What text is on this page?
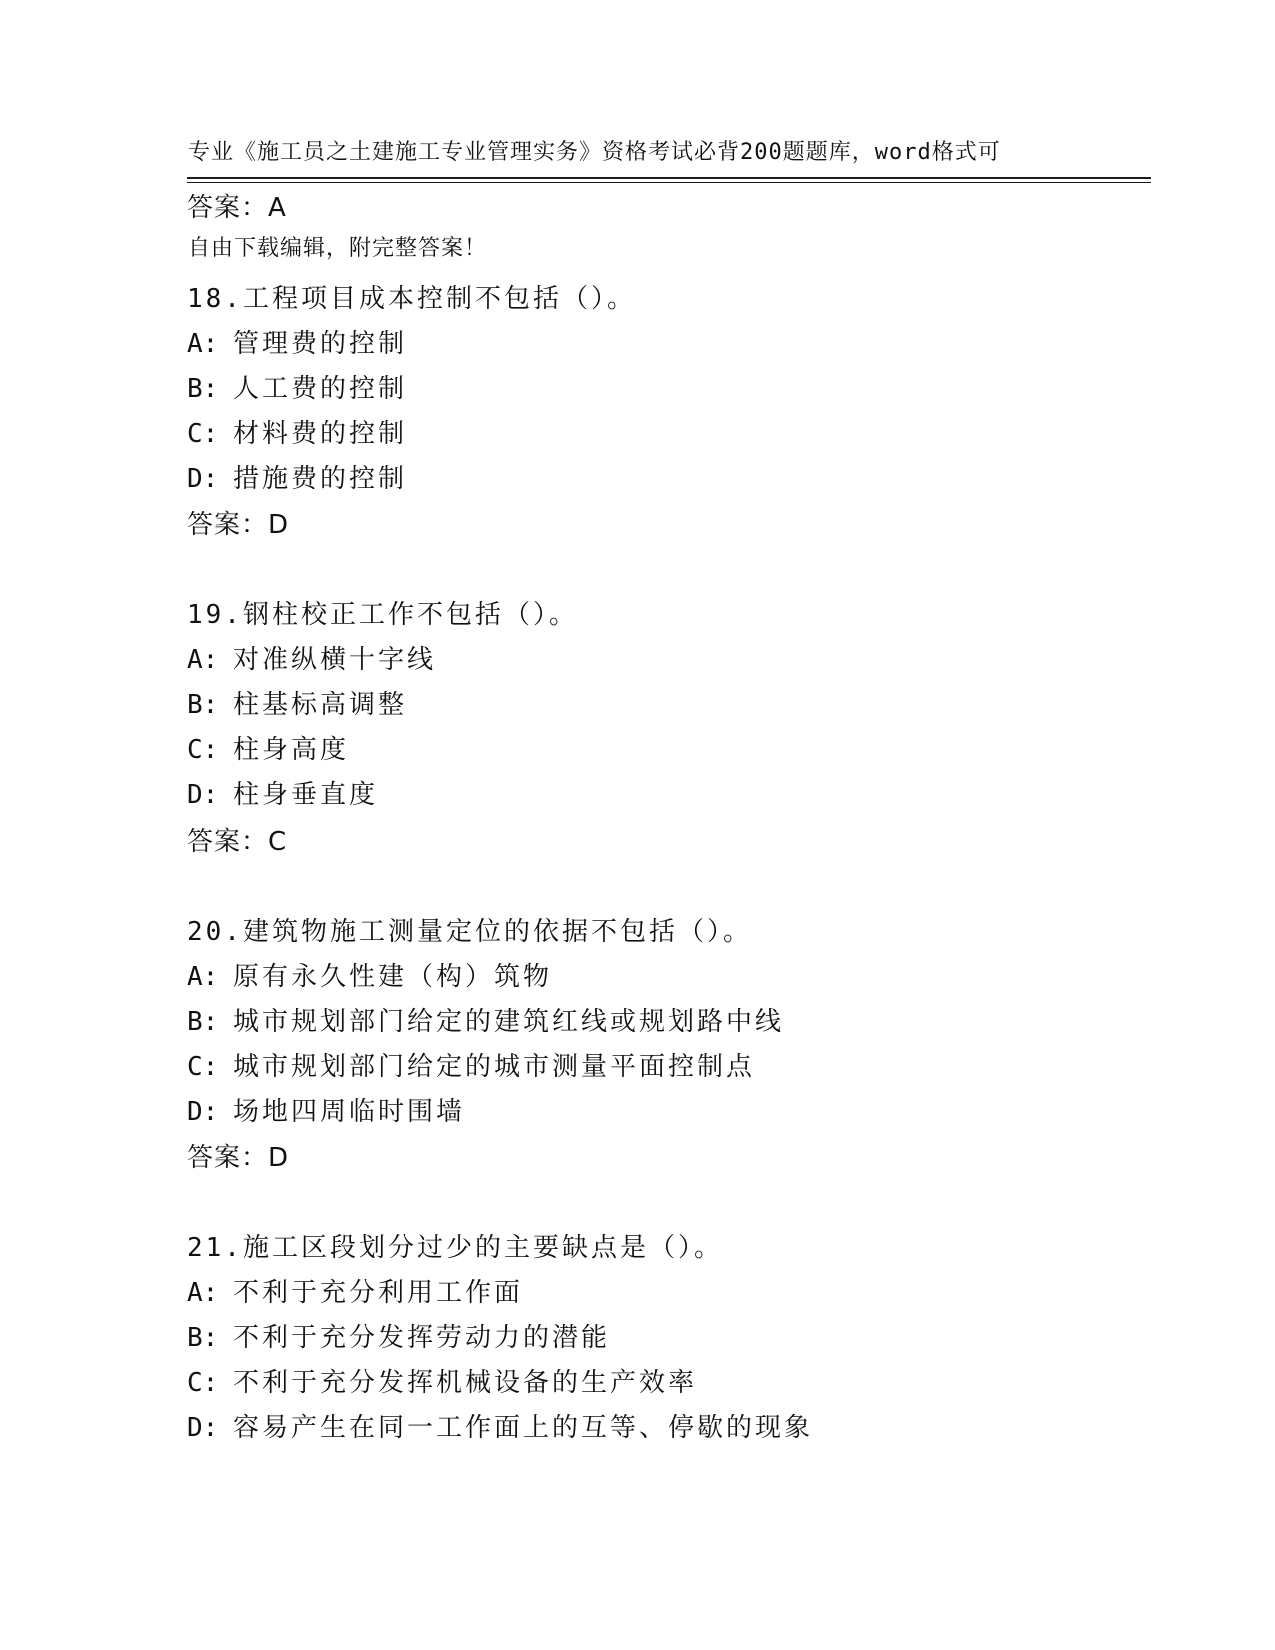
专业《施工员之土建施工专业管理实务》资格考试必背200题题库，word格式可

自由下载编辑，附完整答案！

答案：A
18.工程项目成本控制不包括（）。
A: 管理费的控制
B: 人工费的控制
C: 材料费的控制
D: 措施费的控制
答案：D
19.钢柱校正工作不包括（）。
A: 对准纵横十字线
B: 柱基标高调整
C: 柱身高度
D: 柱身垂直度
答案：C
20.建筑物施工测量定位的依据不包括（）。
A: 原有永久性建（构）筑物
B: 城市规划部门给定的建筑红线或规划路中线
C: 城市规划部门给定的城市测量平面控制点
D: 场地四周临时围墙
答案：D
21.施工区段划分过少的主要缺点是（）。
A: 不利于充分利用工作面
B: 不利于充分发挥劳动力的潜能
C: 不利于充分发挥机械设备的生产效率
D: 容易产生在同一工作面上的互等、停歇的现象
